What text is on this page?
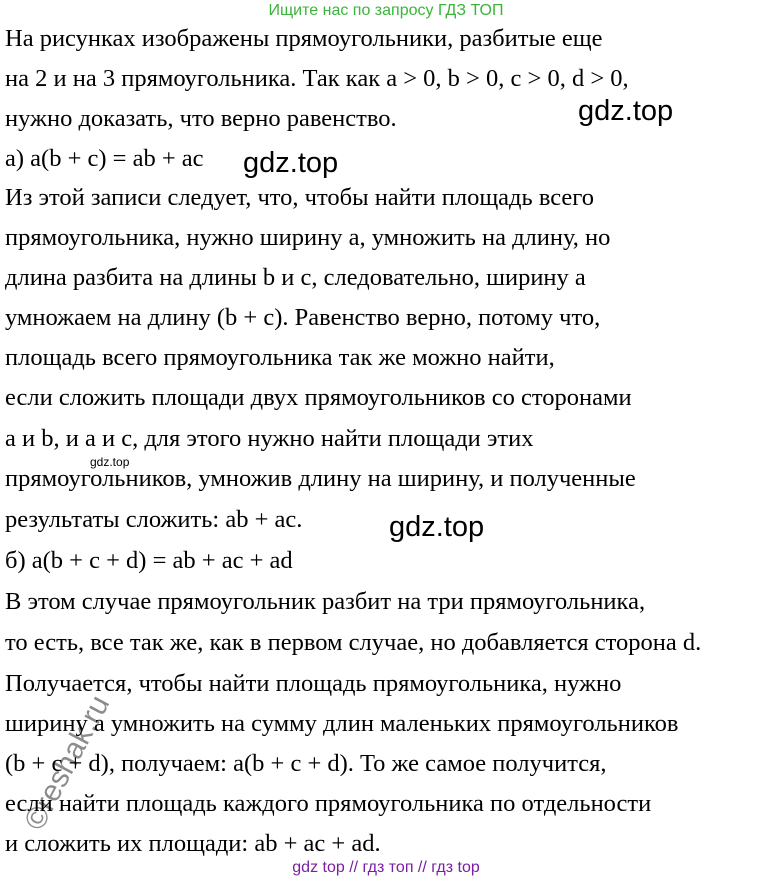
Ищите нас по запросу ГДЗ ТОП
На рисунках изображены прямоугольники, разбитые еще
на 2 и на 3 прямоугольника. Так как a > 0, b > 0, c > 0, d > 0,
нужно доказать, что верно равенство.
а) a(b + c) = ab + ac
Из этой записи следует, что, чтобы найти площадь всего
прямоугольника, нужно ширину a, умножить на длину, но
длина разбита на длины b и c, следовательно, ширину a
умножаем на длину (b + c). Равенство верно, потому что,
площадь всего прямоугольника так же можно найти,
если сложить площади двух прямоугольников со сторонами
a и b, и a и c, для этого нужно найти площади этих
прямоугольников, умножив длину на ширину, и полученные
результаты сложить: ab + ac.
б) a(b + c + d) = ab + ac + ad
В этом случае прямоугольник разбит на три прямоугольника,
то есть, все так же, как в первом случае, но добавляется сторона d.
Получается, чтобы найти площадь прямоугольника, нужно
ширину a умножить на сумму длин маленьких прямоугольников
(b + c + d), получаем: a(b + c + d). То же самое получится,
если найти площадь каждого прямоугольника по отдельности
и сложить их площади: ab + ac + ad.
gdz.top
gdz.top
gdz.top
gdz.top
©reshak.ru
gdz top // гдз топ // гдз top
